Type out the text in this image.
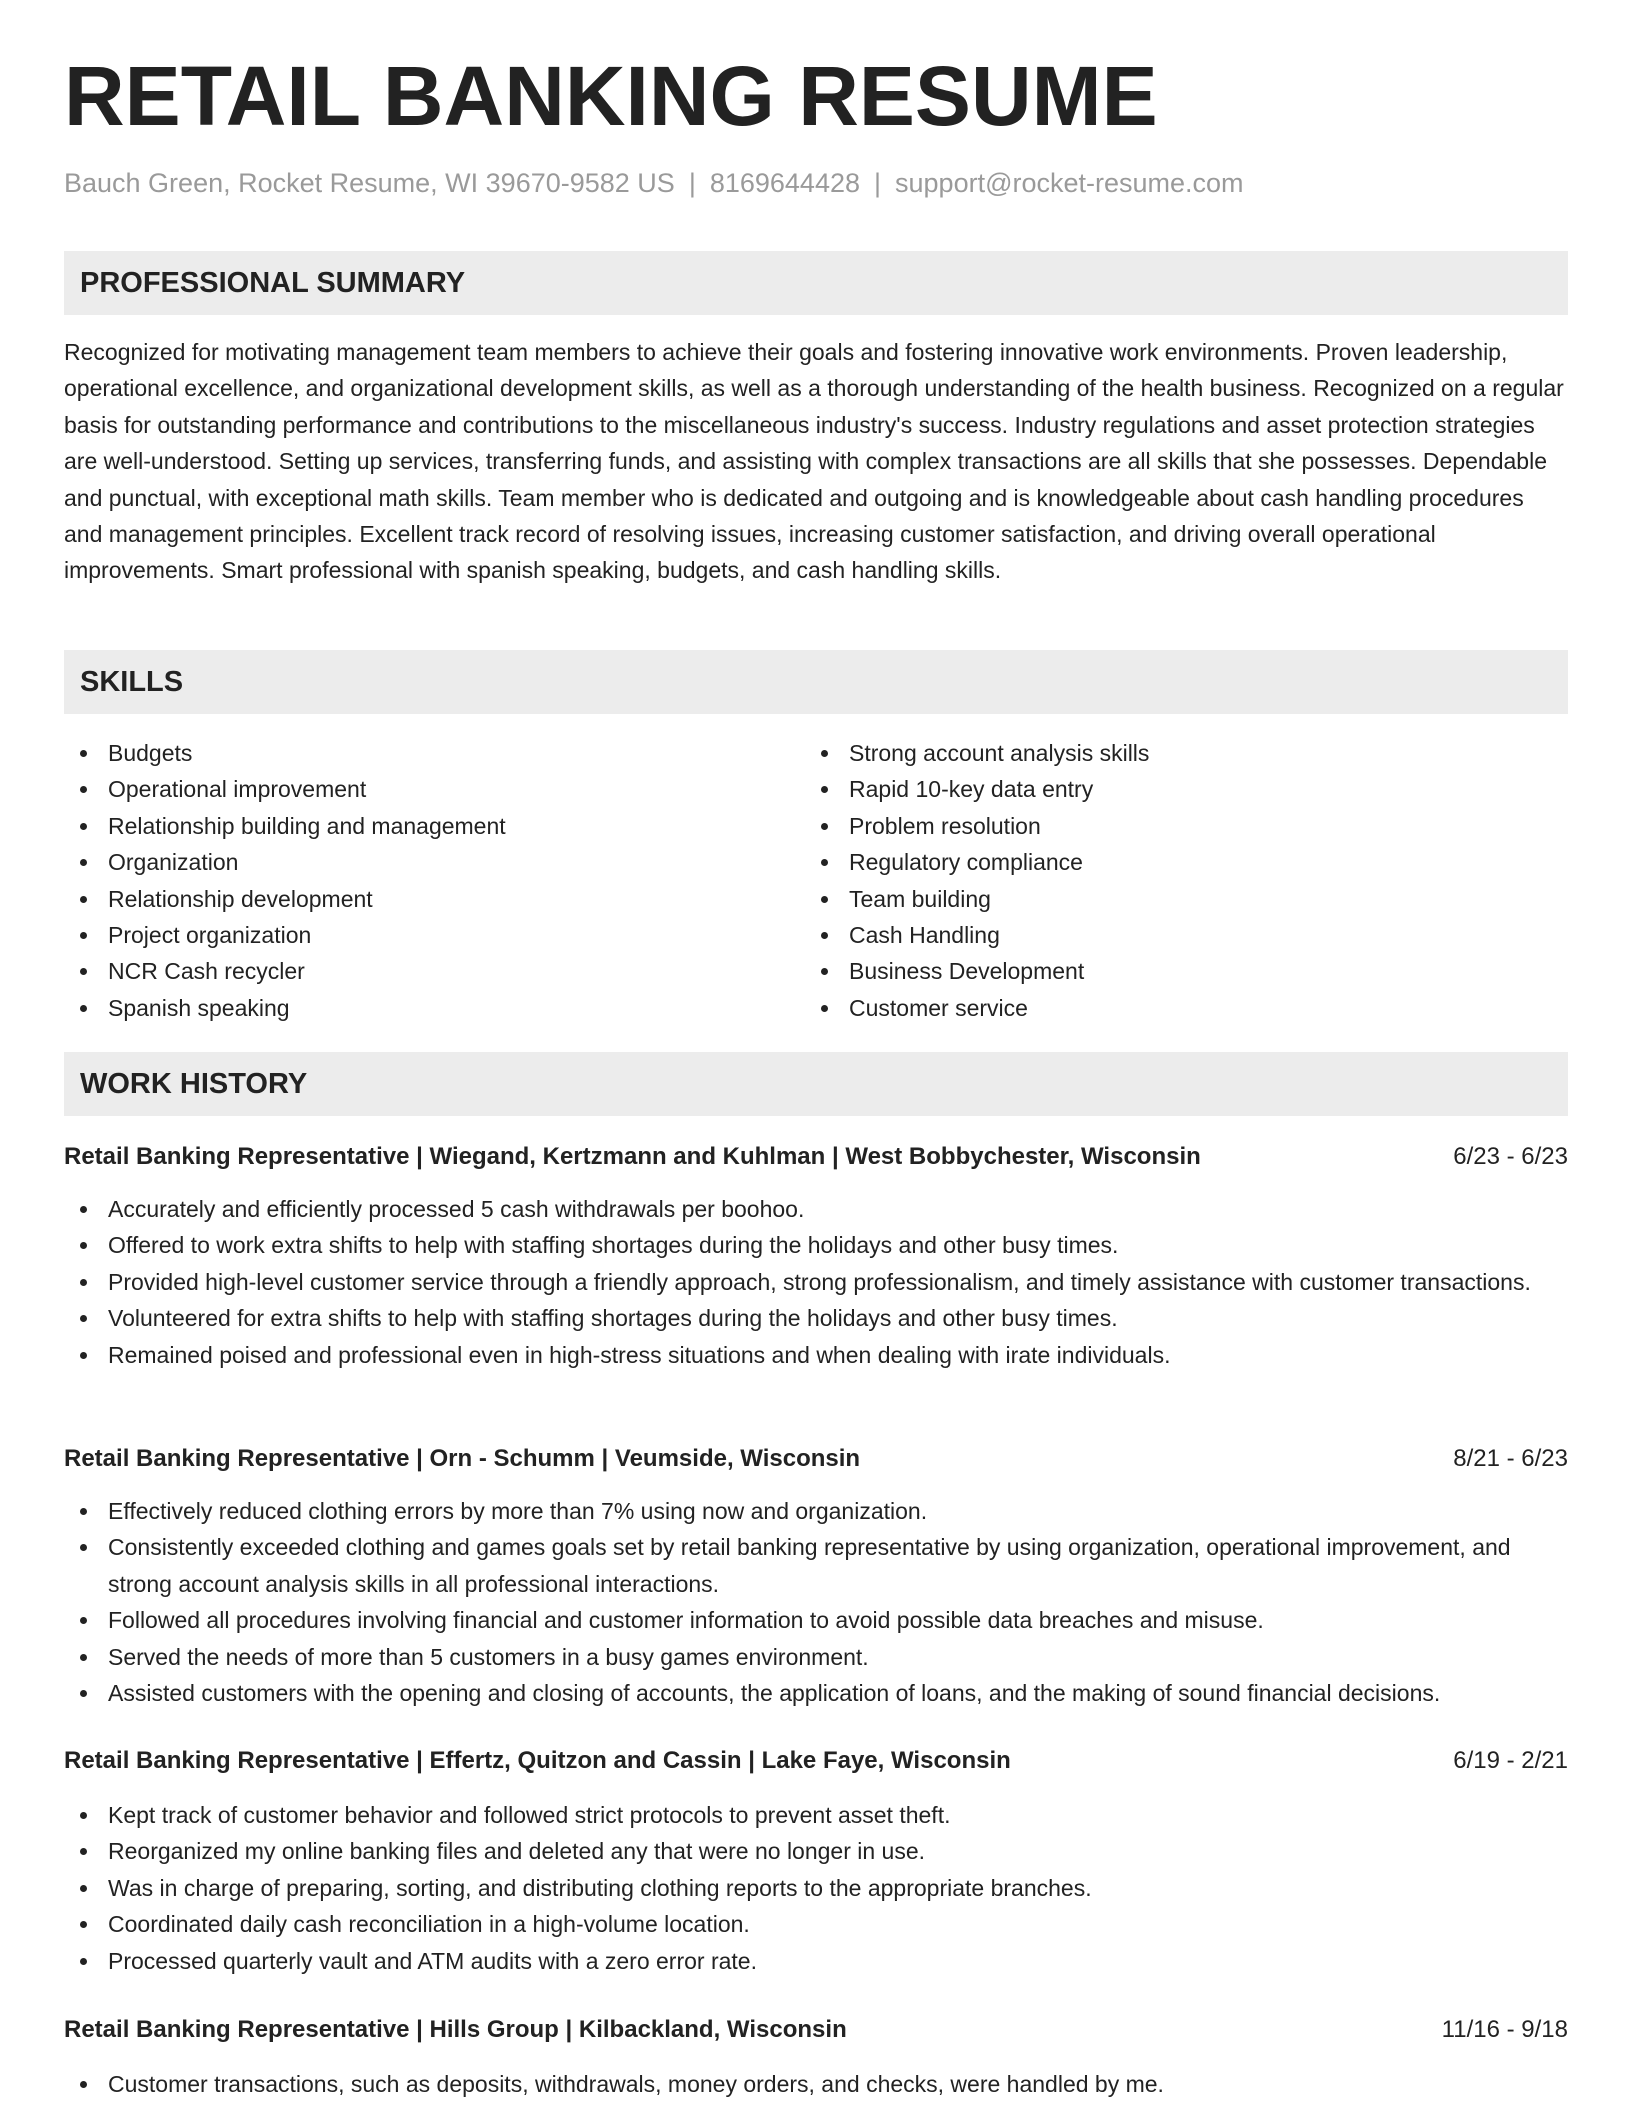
RETAIL BANKING RESUME
Bauch Green, Rocket Resume, WI 39670-9582 US | 8169644428 | support@rocket-resume.com
PROFESSIONAL SUMMARY

Recognized for motivating management team members to achieve their goals and fostering innovative work environments. Proven leadership, operational excellence, and organizational development skills, as well as a thorough understanding of the health business. Recognized on a regular basis for outstanding performance and contributions to the miscellaneous industry's success. Industry regulations and asset protection strategies are well-understood. Setting up services, transferring funds, and assisting with complex transactions are all skills that she possesses. Dependable and punctual, with exceptional math skills. Team member who is dedicated and outgoing and is knowledgeable about cash handling procedures and management principles. Excellent track record of resolving issues, increasing customer satisfaction, and driving overall operational improvements. Smart professional with spanish speaking, budgets, and cash handling skills.

SKILLS
Budgets
Operational improvement
Relationship building and management
Organization
Relationship development
Project organization
NCR Cash recycler
Spanish speaking
Strong account analysis skills
Rapid 10-key data entry
Problem resolution
Regulatory compliance
Team building
Cash Handling
Business Development
Customer service
WORK HISTORY
Retail Banking Representative | Wiegand, Kertzmann and Kuhlman | West Bobbychester, Wisconsin	6/23 - 6/23
Accurately and efficiently processed 5 cash withdrawals per boohoo.
Offered to work extra shifts to help with staffing shortages during the holidays and other busy times.
Provided high-level customer service through a friendly approach, strong professionalism, and timely assistance with customer transactions.
Volunteered for extra shifts to help with staffing shortages during the holidays and other busy times.
Remained poised and professional even in high-stress situations and when dealing with irate individuals.
Retail Banking Representative | Orn - Schumm | Veumside, Wisconsin	8/21 - 6/23
Effectively reduced clothing errors by more than 7% using now and organization.
Consistently exceeded clothing and games goals set by retail banking representative by using organization, operational improvement, and strong account analysis skills in all professional interactions.
Followed all procedures involving financial and customer information to avoid possible data breaches and misuse.
Served the needs of more than 5 customers in a busy games environment.
Assisted customers with the opening and closing of accounts, the application of loans, and the making of sound financial decisions.
Retail Banking Representative | Effertz, Quitzon and Cassin | Lake Faye, Wisconsin	6/19 - 2/21
Kept track of customer behavior and followed strict protocols to prevent asset theft.
Reorganized my online banking files and deleted any that were no longer in use.
Was in charge of preparing, sorting, and distributing clothing reports to the appropriate branches.
Coordinated daily cash reconciliation in a high-volume location.
Processed quarterly vault and ATM audits with a zero error rate.
Retail Banking Representative | Hills Group | Kilbackland, Wisconsin	11/16 - 9/18
Customer transactions, such as deposits, withdrawals, money orders, and checks, were handled by me.
